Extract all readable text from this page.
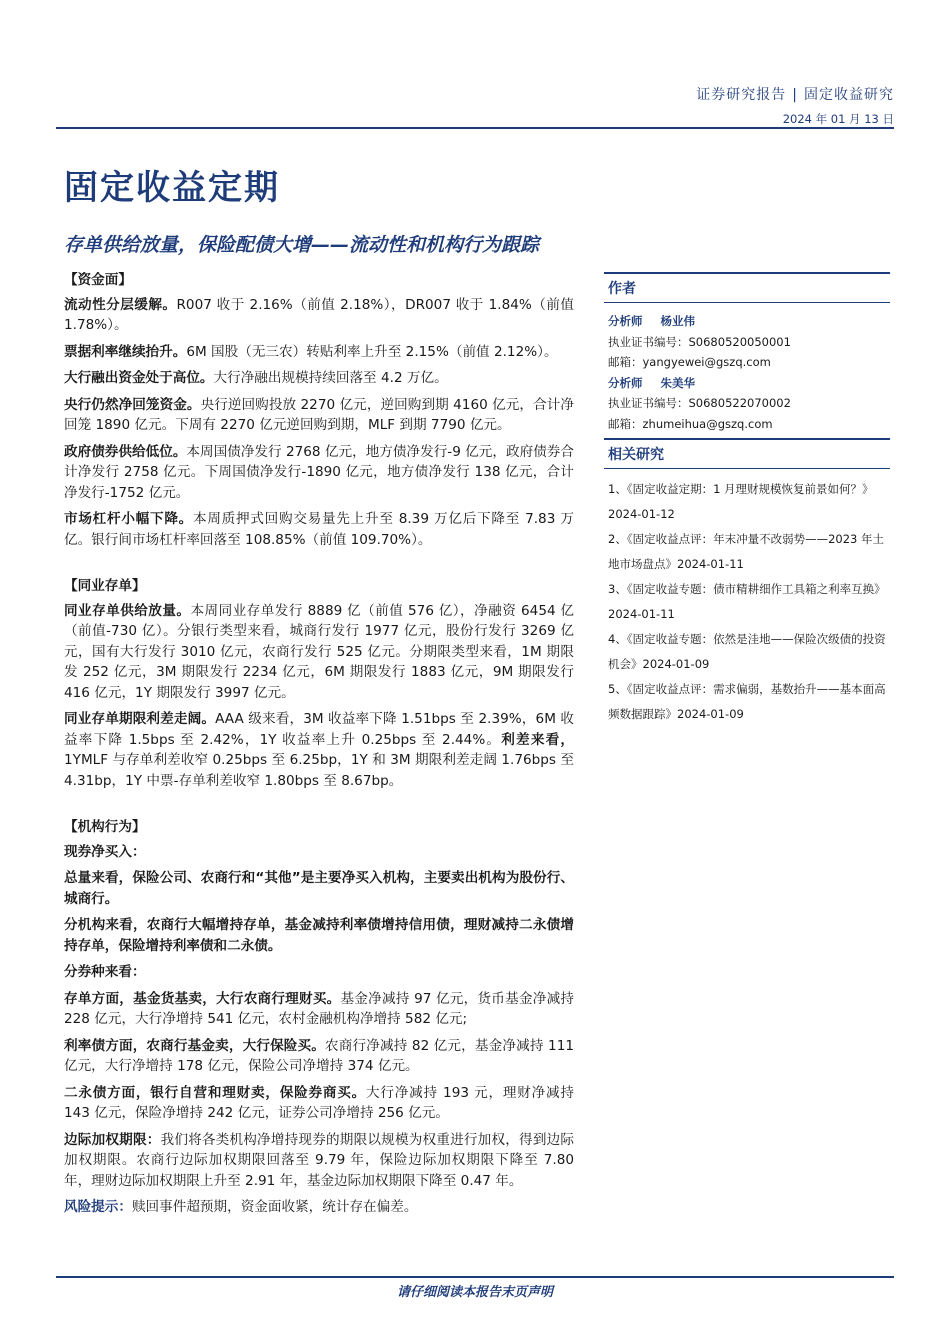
证券研究报告 | 固定收益研究
2024 年 01 月 13 日
固定收益定期
存单供给放量，保险配债大增——流动性和机构行为跟踪
【资金面】
流动性分层缓解。R007 收于 2.16%（前值 2.18%），DR007 收于 1.84%（前值 1.78%）。
票据利率继续抬升。6M 国股（无三农）转贴利率上升至 2.15%（前值 2.12%）。
大行融出资金处于高位。大行净融出规模持续回落至 4.2 万亿。
央行仍然净回笼资金。央行逆回购投放 2270 亿元，逆回购到期 4160 亿元，合计净回笼 1890 亿元。下周有 2270 亿元逆回购到期，MLF 到期 7790 亿元。
政府债券供给低位。本周国债净发行 2768 亿元，地方债净发行-9 亿元，政府债券合计净发行 2758 亿元。下周国债净发行-1890 亿元，地方债净发行 138 亿元，合计净发行-1752 亿元。
市场杠杆小幅下降。本周质押式回购交易量先上升至 8.39 万亿后下降至 7.83 万亿。银行间市场杠杆率回落至 108.85%（前值 109.70%）。
【同业存单】
同业存单供给放量。本周同业存单发行 8889 亿（前值 576 亿），净融资 6454 亿（前值-730 亿）。分银行类型来看，城商行发行 1977 亿元，股份行发行 3269 亿元，国有大行发行 3010 亿元，农商行发行 525 亿元。分期限类型来看，1M 期限发 252 亿元，3M 期限发行 2234 亿元，6M 期限发行 1883 亿元，9M 期限发行 416 亿元，1Y 期限发行 3997 亿元。
同业存单期限利差走阔。AAA 级来看，3M 收益率下降 1.51bps 至 2.39%，6M 收益率下降 1.5bps 至 2.42%，1Y 收益率上升 0.25bps 至 2.44%。利差来看，1YMLF 与存单利差收窄 0.25bps 至 6.25bp，1Y 和 3M 期限利差走阔 1.76bps 至 4.31bp，1Y 中票-存单利差收窄 1.80bps 至 8.67bp。
【机构行为】
现券净买入：
总量来看，保险公司、农商行和“其他”是主要净买入机构，主要卖出机构为股份行、城商行。
分机构来看，农商行大幅增持存单，基金减持利率债增持信用债，理财减持二永债增持存单，保险增持利率债和二永债。
分券种来看：
存单方面，基金货基卖，大行农商行理财买。基金净减持 97 亿元，货币基金净减持 228 亿元，大行净增持 541 亿元，农村金融机构净增持 582 亿元;
利率债方面，农商行基金卖，大行保险买。农商行净减持 82 亿元，基金净减持 111 亿元，大行净增持 178 亿元，保险公司净增持 374 亿元。
二永债方面，银行自营和理财卖，保险券商买。大行净减持 193 元，理财净减持 143 亿元，保险净增持 242 亿元，证券公司净增持 256 亿元。
边际加权期限：我们将各类机构净增持现券的期限以规模为权重进行加权，得到边际加权期限。农商行边际加权期限回落至 9.79 年，保险边际加权期限下降至 7.80 年，理财边际加权期限上升至 2.91 年，基金边际加权期限下降至 0.47 年。
风险提示：赎回事件超预期，资金面收紧，统计存在偏差。
作者
分析师 杨业伟
执业证书编号：S0680520050001
邮箱：yangyewei@gszq.com
分析师 朱美华
执业证书编号：S0680522070002
邮箱：zhumeihua@gszq.com
相关研究
1、《固定收益定期：1 月理财规模恢复前景如何？》
2024-01-12
2、《固定收益点评：年末冲量不改弱势——2023 年土
地市场盘点》2024-01-11
3、《固定收益专题：债市精耕细作工具箱之利率互换》
2024-01-11
4、《固定收益专题：依然是洼地——保险次级债的投资
机会》2024-01-09
5、《固定收益点评：需求偏弱，基数抬升——基本面高
频数据跟踪》2024-01-09
请仔细阅读本报告末页声明
